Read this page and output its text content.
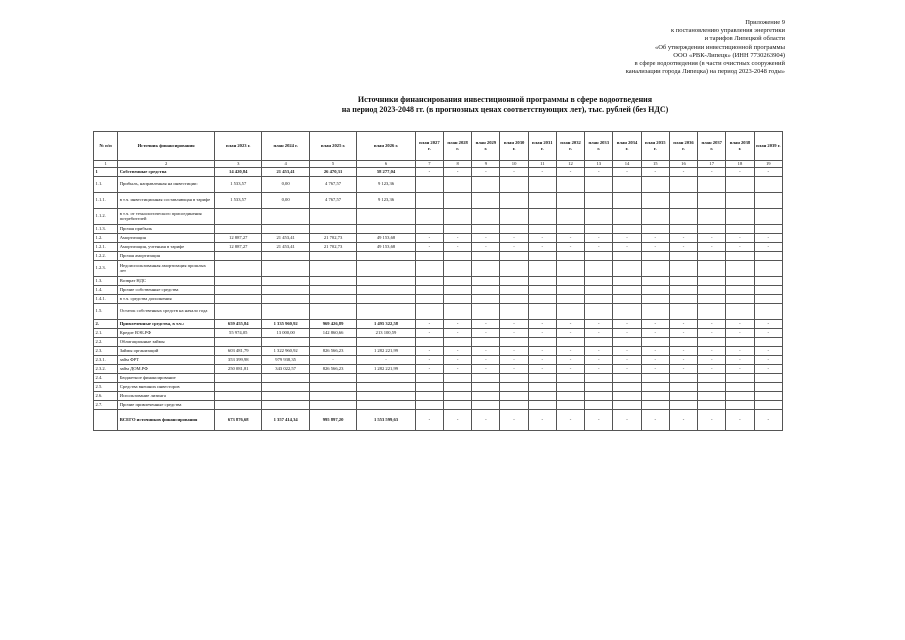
Приложение 9
к постановлению управления энергетики
и тарифов Липецкой области
«Об утверждении инвестиционной программы
ООО «РВК-Липецк» (ИНН 7730263904)
в сфере водоотведения (в части очистных сооружений
канализации города Липецка) на период 2023-2048 годы»
Источники финансирования инвестиционной программы в сфере водоотведения
на период 2023-2048 гг. (в прогнозных ценах соответствующих лет), тыс. рублей (без НДС)
№ п/п	Источник финансирования	план 2023 г.	план 2024 г.	план 2025 г.	план 2026 г.	план 2027 г.	план 2028 г.	план 2029 г.	план 2030 г.	план 2031 г.	план 2032 г.	план 2033 г.	план 2034 г.	план 2035 г.	план 2036 г.	план 2037 г.	план 2038 г.	план 2039 г.
1	2	3	4	5	6	7	8	9	10	11	12	13	14	15	16	17	18	19
1	Собственные средства	14 420,84	21 453,41	26 470,31	58 277,04	-	-	-	-	-	-	-	-	-	-	-	-	-
1.1.	Прибыль, направленная на инвестиции:	1 533,57	0,00	4 767,57	9 123,36													
1.1.1.	в т.ч. инвестиционная составляющая в тарифе	1 533,57	0,00	4 767,57	9 123,36													
1.1.2.	в т.ч. от технологического присоединения потребителей																	
1.1.3.	Прочая прибыль																	
1.2.	Амортизация	12 887,27	21 453,41	21 702,73	49 153,68	-	-	-	-	-	-	-	-	-	-	-	-	-
1.2.1.	Амортизация, учтенная в тарифе	12 887,27	21 453,41	21 702,73	49 153,68	-	-	-	-	-	-	-	-	-	-	-	-	-
1.2.2.	Прочая амортизация																	
1.2.3.	Недоиспользованная амортизация прошлых лет																	
1.3.	Возврат НДС																	
1.4.	Прочие собственные средства																	
1.4.1.	в т.ч. средства дополнения																	
1.5.	Остаток собственных средств на начало года																	
2.	Привлеченные средства, в т.ч.:	659 455,84	1 335 960,92	969 426,89	1 495 322,58	-	-	-	-	-	-	-	-	-	-	-	-	-
2.1.	Кредит ВЭБ.РФ	55 974,05	13 000,00	142 860,66	213 100,59	-	-	-	-	-	-	-	-	-	-	-	-	-
2.2.	Облигационные займы																	
2.3.	Займы организаций	603 481,79	1 322 960,92	826 566,23	1 282 221,99	-	-	-	-	-	-	-	-	-	-	-	-	-
2.3.1.	займ ФРТ	353 399,98	979 938,35	-	-	-	-	-	-	-	-	-	-	-	-	-	-	-
2.3.2.	займ ДОМ.РФ	250 081,81	343 022,57	826 566,23	1 282 221,99	-	-	-	-	-	-	-	-	-	-	-	-	-
2.4.	Бюджетное финансирование																	
2.5.	Средства внешних инвесторов																	
2.6.	Использование лизинга																	
2.7.	Прочие привлеченные средства																	
	ВСЕГО источников финансирования	673 876,68	1 357 414,34	995 897,20	1 553 599,63	-	-	-	-	-	-	-	-	-	-	-	-	-
